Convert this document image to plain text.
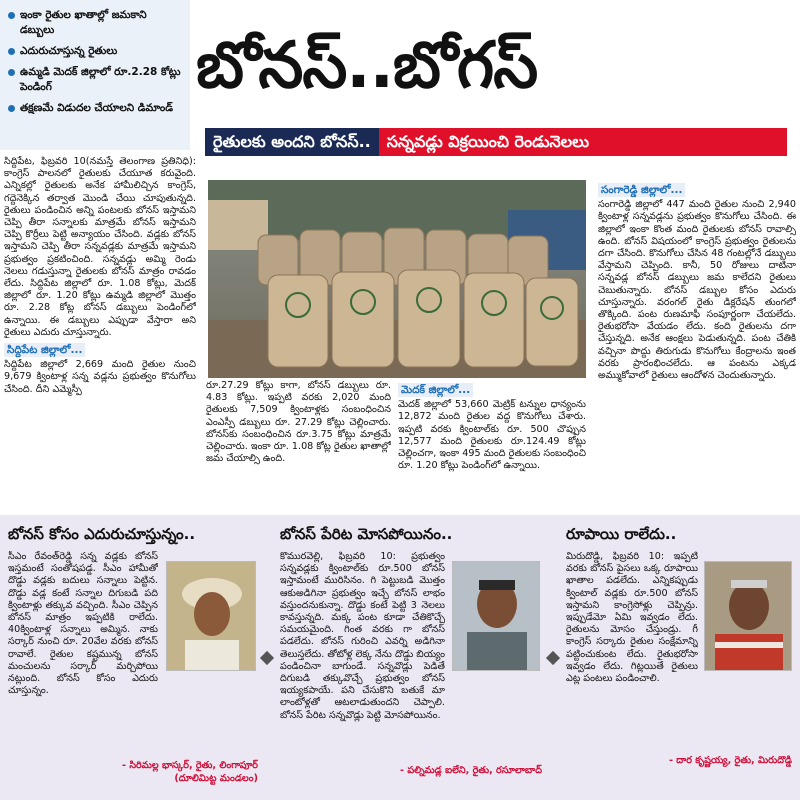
ఇంకా రైతుల ఖాతాల్లో జమకాని డబ్బులు
ఎదురుచూస్తున్న రైతులు
ఉమ్మడి మెదక్ జిల్లాలో రూ.2.28 కోట్లు పెండింగ్
తక్షణమే విడుదల చేయాలని డిమాండ్
బోనస్..బోగస్
రైతులకు అందని బోనస్..	సన్నవడ్లు విక్రయించి రెండునెలలు

సిద్దిపేట, ఫిబ్రవరి 10(నమస్తే తెలంగాణ ప్రతినిధి): కాంగ్రెస్ పాలనలో రైతులకు చేయూత కరువైంది. ఎన్నికల్లో రైతులకు అనేక హామీలిచ్చిన కాంగ్రెస్, గద్దెనెక్కిన తర్వాత మొండి చేయి చూపుతున్నది. రైతులు పండించిన అన్ని పంటలకు బోనస్ ఇస్తామని చెప్పి తీరా సన్నాలకు మాత్రమే బోనస్ ఇస్తామని చెప్పి కొర్రీలు పెట్టి అన్యాయం చేసింది. వడ్లకు బోనస్ ఇస్తామని చెప్పి తీరా సన్నవడ్లకు మాత్రమే ఇస్తామని ప్రభుత్వం ప్రకటించింది. సన్నవడ్లు అమ్మి రెండు నెలలు గడుస్తున్నా రైతులకు బోనస్ మాత్రం రావడం లేదు. సిద్దిపేట జిల్లాలో రూ. 1.08 కోట్లు, మెదక్ జిల్లాలో రూ. 1.20 కోట్లు ఉమ్మడి జిల్లాలో మొత్తం రూ. 2.28 కోట్ల బోనస్ డబ్బులు పెండింగ్‌లో ఉన్నాయి. ఈ డబ్బులు ఎప్పుడా వేస్తారా అని రైతులు ఎదురు చూస్తున్నారు.

సిద్దిపేట జిల్లాలో...

సిద్దిపేట జిల్లాలో 2,669 మంది రైతుల నుంచి 9,679 క్వింటాళ్ల సన్న వడ్లను ప్రభుత్వం కొనుగోలు చేసింది. దీని ఎమ్మెస్పీ	రూ.27.29 కోట్లు కాగా, బోనస్ డబ్బులు రూ. 4.83 కోట్లు. ఇప్పటి వరకు 2,020 మంది రైతులకు 7,509 క్వింటాళ్లకు సంబంధించిన ఎంఎస్పీ డబ్బులు రూ. 27.29 కోట్లు చెల్లించారు. బోనస్‌కు సంబంధించిన రూ.3.75 కోట్లు మాత్రమే చెల్లించారు. ఇంకా రూ. 1.08 కోట్ల రైతుల ఖాతాల్లో జమ చేయాల్సి ఉంది.

మెదక్ జిల్లాలో...

మెదక్ జిల్లాలో 53,660 మెట్రిక్ టన్నుల ధాన్యంను 12,872 మంది రైతుల వద్ద కొనుగోలు చేశారు. ఇప్పటి వరకు క్వింటాల్‌కు రూ. 500 చొప్పున 12,577 మంది రైతులకు రూ.124.49 కోట్లు చెల్లించగా, ఇంకా 495 మంది రైతులకు సంబంధించి రూ. 1.20 కోట్లు పెండింగ్‌లో ఉన్నాయి.

సంగారెడ్డి జిల్లాలో...

సంగారెడ్డి జిల్లాలో 447 మంది రైతుల నుంచి 2,940 క్వింటాళ్ల సన్నవడ్లను ప్రభుత్వం కొనుగోలు చేసింది. ఈ జిల్లాలో ఇంకా కొంత మంది రైతులకు బోనస్ రావాల్సి ఉంది. బోనస్ విషయంలో కాంగ్రెస్ ప్రభుత్వం రైతులను దగా చేసింది. కొనుగోలు చేసిన 48 గంటల్లోనే డబ్బులు వేస్తామని చెప్పింది. కానీ, 50 రోజులు దాటినా సన్నవడ్ల బోనస్ డబ్బులు జమ కాలేదని రైతులు చెబుతున్నారు. బోనస్ డబ్బుల కోసం ఎదురు చూస్తున్నారు. వరంగల్ రైతు డిక్లరేషన్ తుంగలో తొక్కింది. పంట రుణమాఫీ సంపూర్ణంగా చేయలేదు. రైతుభరోసా వేయడం లేదు. కంది రైతులను దగా చేస్తున్నది. అనేక ఆంక్షలు పెడుతున్నది. పంట చేతికి వచ్చినా పొద్దు తిరుగుడు కొనుగోలు కేంద్రాలను ఇంత వరకు ప్రారంభించలేదు. ఆ పంటను ఎక్కడ అమ్ముకోవాలో రైతులు ఆందోళన చెందుతున్నారు.

బోనస్ కోసం ఎదురుచూస్తున్నం..
సీఎం రేవంత్‌రెడ్డి సన్న వడ్లకు బోనస్ ఇస్తమంటే సంతోషపడ్డ. సీఎం హామీతో దొడ్డు వడ్లకు బదులు సన్నాలు పెట్టిన. దొడ్డు వడ్ల కంటే సన్నాల దిగుబడి పది క్వింటాళ్లు తక్కువ వచ్చింది. సీఎం చెప్పిన బోనస్ మాత్రం ఇప్పటికి రాలేదు. 40క్వింటాళ్ల సన్నాలు అమ్మిన. నాకు సర్కార్ నుంచి రూ. 20వేల వరకు బోనస్ రావాలే. రైతుల కష్టమున్న బోనస్ మంచులను సర్కార్ మర్చిపోయి నట్లుంది. బోనస్ కోసం ఎదురు చూస్తున్నం.
- సిరిమల్ల భాస్కర్, రైతు, లింగాపూర్
(దూలిమిట్ట మండలం)
బోనస్ పేరిట మోసపోయినం..
కొమురవెల్లి, ఫిబ్రవరి 10: ప్రభుత్వం సన్నవడ్లకు క్వింటాల్‌కు రూ.500 బోనస్ ఇస్తామంటే మురిసినం. గి పెట్టుబడి మొత్తం ఆకుఅడిగినా ప్రభుత్వం ఇచ్చే బోనస్ లాభం వస్తుందనుకున్నా. దొడ్డు కంటే పెట్టి 3 నెలలు కావస్తున్నది. మక్క పంట కూడా చేతికొచ్చే సమయమైంది. గింత వరకు గా బోనస్ పడలేదు. బోనస్ గురించి ఎవర్ని అడిగినా తెలుస్తలేదు. తోటోళ్ల లెక్క నేను దొడ్డు బియ్యం పండించినా బాగుండే. సన్నవొడ్లు పెడితే దిగుబడి తక్కువొచ్చే ప్రభుత్వం బోనస్ ఇయ్యకపాయే. పని చేసుకొని బతుకే మా లాంటోళ్లతో ఆటలాడుతుందని చెప్పాలి. బోనస్ పేరిట సన్నవొడ్లు పెట్టి మోసపోయినం.
- పల్నిమడ్ల ఐలేని, రైతు, రసూలాబాద్
రూపాయి రాలేదు..
మిరుదొడ్డి, ఫిబ్రవరి 10: ఇప్పటి వరకు బోనస్ పైసలు ఒక్క రూపాయి ఖాతాల పడలేదు. ఎన్నికప్పుడు క్వింటాల్ వడ్లకు రూ.500 బోనస్ ఇస్తామని కాంగ్రెసోళ్లు చెప్పిన్రు. ఇప్పుడేమో ఏమి ఇవ్వడం లేదు. రైతులను మోసం చేస్తుండ్రు. గీ కాంగ్రెస్ సర్కారు రైతుల సంక్షేమాన్ని పట్టించుకుంట లేదు. రైతుభరోసా ఇవ్వడం లేదు. గిట్లయితే రైతులు ఎట్ల పంటలు పండించాలి.
- దార కృష్ణయ్య, రైతు, మిరుదొడ్డి
